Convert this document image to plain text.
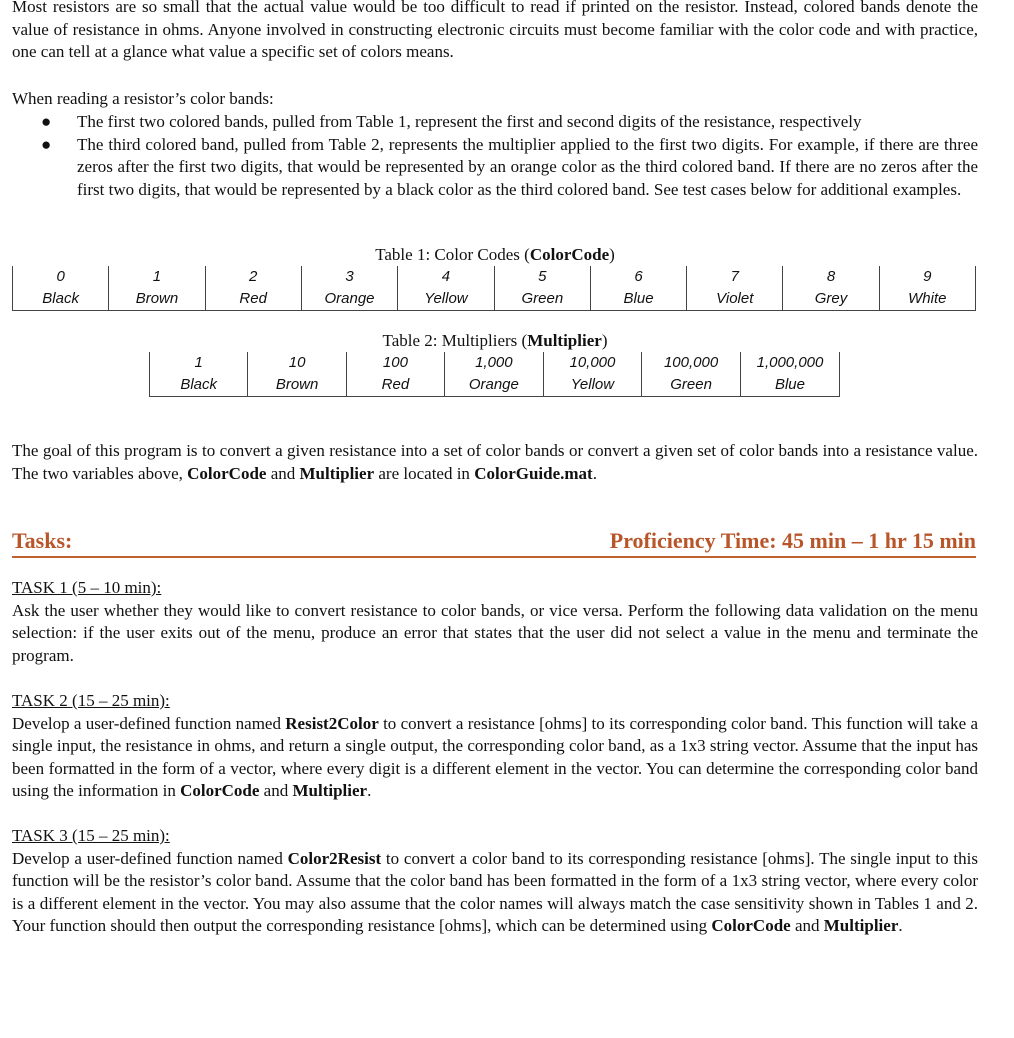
Most resistors are so small that the actual value would be too difficult to read if printed on the resistor. Instead, colored bands denote the value of resistance in ohms. Anyone involved in constructing electronic circuits must become familiar with the color code and with practice, one can tell at a glance what value a specific set of colors means.

When reading a resistor’s color bands:

● The first two colored bands, pulled from Table 1, represent the first and second digits of the resistance, respectively
● The third colored band, pulled from Table 2, represents the multiplier applied to the first two digits. For example, if there are three zeros after the first two digits, that would be represented by an orange color as the third colored band. If there are no zeros after the first two digits, that would be represented by a black color as the third colored band. See test cases below for additional examples.
Table 1: Color Codes (ColorCode)
0	1	2	3	4	5	6	7	8	9
Black	Brown	Red	Orange	Yellow	Green	Blue	Violet	Grey	White
Table 2: Multipliers (Multiplier)
1	10	100	1,000	10,000	100,000	1,000,000
Black	Brown	Red	Orange	Yellow	Green	Blue

The goal of this program is to convert a given resistance into a set of color bands or convert a given set of color bands into a resistance value. The two variables above, ColorCode and Multiplier are located in ColorGuide.mat.

Tasks:	Proficiency Time: 45 min – 1 hr 15 min
TASK 1 (5 – 10 min):

Ask the user whether they would like to convert resistance to color bands, or vice versa. Perform the following data validation on the menu selection: if the user exits out of the menu, produce an error that states that the user did not select a value in the menu and terminate the program.

TASK 2 (15 – 25 min):

Develop a user-defined function named Resist2Color to convert a resistance [ohms] to its corresponding color band. This function will take a single input, the resistance in ohms, and return a single output, the corresponding color band, as a 1x3 string vector. Assume that the input has been formatted in the form of a vector, where every digit is a different element in the vector. You can determine the corresponding color band using the information in ColorCode and Multiplier.

TASK 3 (15 – 25 min):

Develop a user-defined function named Color2Resist to convert a color band to its corresponding resistance [ohms]. The single input to this function will be the resistor’s color band. Assume that the color band has been formatted in the form of a 1x3 string vector, where every color is a different element in the vector. You may also assume that the color names will always match the case sensitivity shown in Tables 1 and 2. Your function should then output the corresponding resistance [ohms], which can be determined using ColorCode and Multiplier.
